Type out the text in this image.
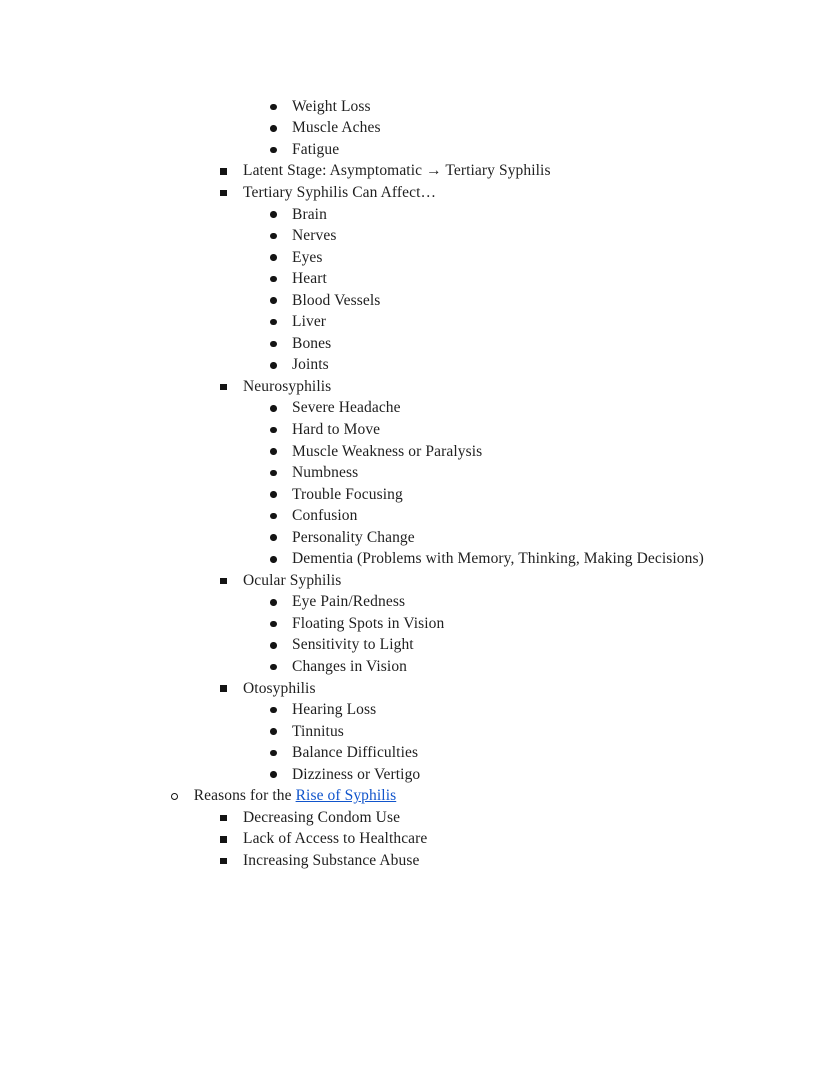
Weight Loss
Muscle Aches
Fatigue
Latent Stage: Asymptomatic → Tertiary Syphilis
Tertiary Syphilis Can Affect…
Brain
Nerves
Eyes
Heart
Blood Vessels
Liver
Bones
Joints
Neurosyphilis
Severe Headache
Hard to Move
Muscle Weakness or Paralysis
Numbness
Trouble Focusing
Confusion
Personality Change
Dementia (Problems with Memory, Thinking, Making Decisions)
Ocular Syphilis
Eye Pain/Redness
Floating Spots in Vision
Sensitivity to Light
Changes in Vision
Otosyphilis
Hearing Loss
Tinnitus
Balance Difficulties
Dizziness or Vertigo
Reasons for the Rise of Syphilis
Decreasing Condom Use
Lack of Access to Healthcare
Increasing Substance Abuse
